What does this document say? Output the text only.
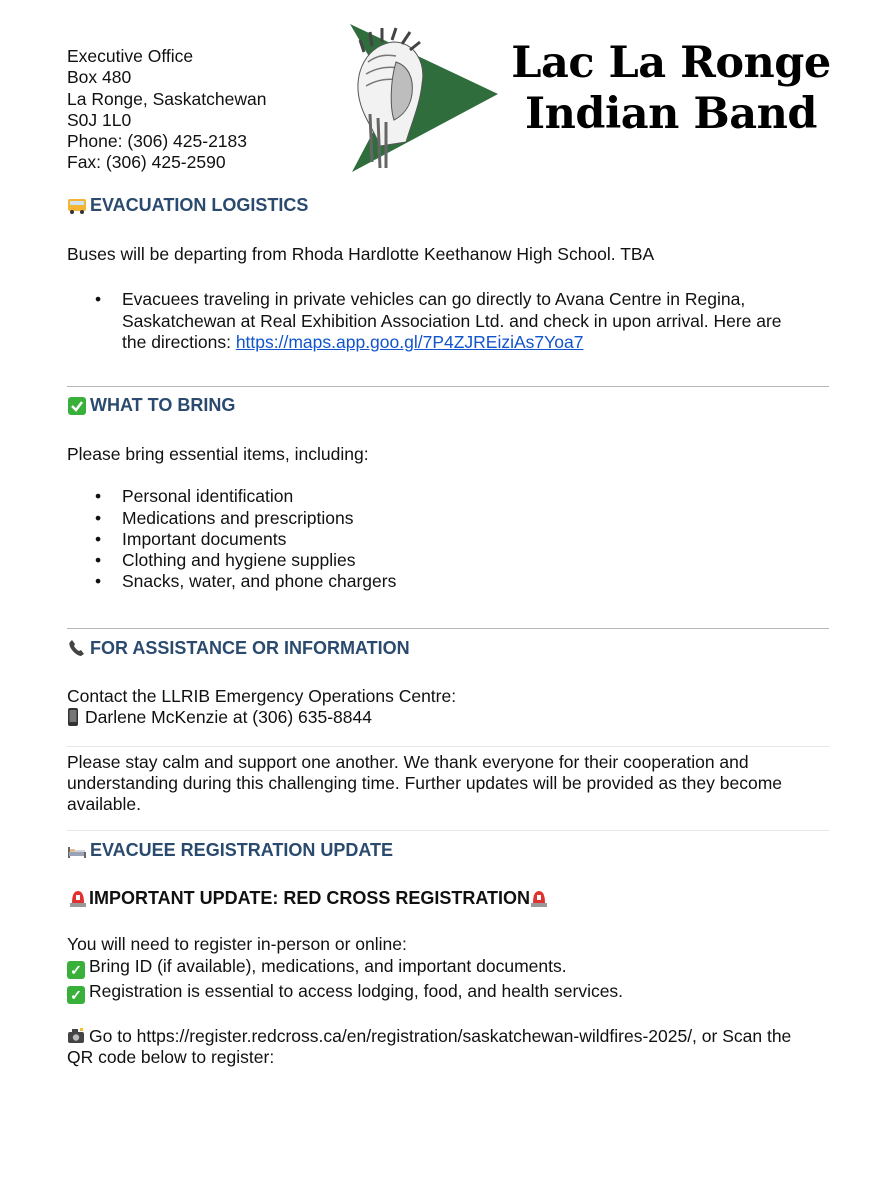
Executive Office
Box 480
La Ronge, Saskatchewan
S0J 1L0
Phone: (306) 425-2183
Fax: (306) 425-2590
Lac La Ronge
Indian Band
EVACUATION LOGISTICS
Buses will be departing from Rhoda Hardlotte Keethanow High School. TBA
•	Evacuees traveling in private vehicles can go directly to Avana Centre in Regina,
Saskatchewan at Real Exhibition Association Ltd. and check in upon arrival. Here are
the directions: https://maps.app.goo.gl/7P4ZJREiziAs7Yoa7
WHAT TO BRING
Please bring essential items, including:
•	Personal identification
•	Medications and prescriptions
•	Important documents
•	Clothing and hygiene supplies
•	Snacks, water, and phone chargers
FOR ASSISTANCE OR INFORMATION
Contact the LLRIB Emergency Operations Centre:
Darlene McKenzie at (306) 635-8844
Please stay calm and support one another. We thank everyone for their cooperation and
understanding during this challenging time. Further updates will be provided as they become
available.
EVACUEE REGISTRATION UPDATE
IMPORTANT UPDATE: RED CROSS REGISTRATION
You will need to register in-person or online:
✓ Bring ID (if available), medications, and important documents.
✓ Registration is essential to access lodging, food, and health services.
Go to https://register.redcross.ca/en/registration/saskatchewan-wildfires-2025/, or Scan the
QR code below to register:
